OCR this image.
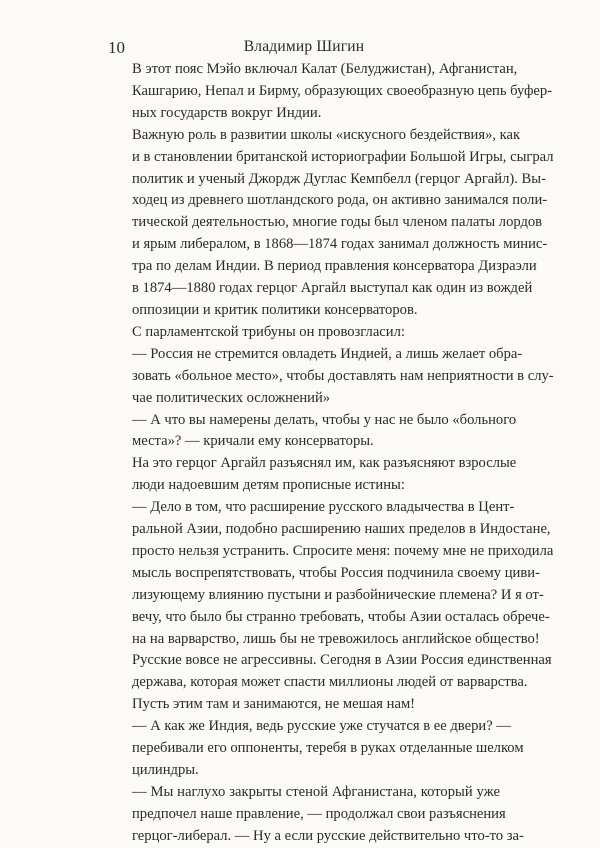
10	Владимир Шигин

В этот пояс Мэйо включал Калат (Белуджистан), Афганистан,
Кашгарию, Непал и Бирму, образующих своеобразную цепь буфер-
ных государств вокруг Индии.

Важную роль в развитии школы «искусного бездействия», как
и в становлении британской историографии Большой Игры, сыграл
политик и ученый Джордж Дуглас Кемпбелл (герцог Аргайл). Вы-
ходец из древнего шотландского рода, он активно занимался поли-
тической деятельностью, многие годы был членом палаты лордов
и ярым либералом, в 1868—1874 годах занимал должность минис-
тра по делам Индии. В период правления консерватора Дизраэли
в 1874—1880 годах герцог Аргайл выступал как один из вождей
оппозиции и критик политики консерваторов.

С парламентской трибуны он провозгласил:

— Россия не стремится овладеть Индией, а лишь желает обра-
зовать «больное место», чтобы доставлять нам неприятности в слу-
чае политических осложнений»

— А что вы намерены делать, чтобы у нас не было «больного
места»? — кричали ему консерваторы.

На это герцог Аргайл разъяснял им, как разъясняют взрослые
люди надоевшим детям прописные истины:

— Дело в том, что расширение русского владычества в Цент-
ральной Азии, подобно расширению наших пределов в Индостане,
просто нельзя устранить. Спросите меня: почему мне не приходила
мысль воспрепятствовать, чтобы Россия подчинила своему циви-
лизующему влиянию пустыни и разбойнические племена? И я от-
вечу, что было бы странно требовать, чтобы Азии осталась обрече-
на на варварство, лишь бы не тревожилось английское общество!
Русские вовсе не агрессивны. Сегодня в Азии Россия единственная
держава, которая может спасти миллионы людей от варварства.
Пусть этим там и занимаются, не мешая нам!

— А как же Индия, ведь русские уже стучатся в ее двери? —
перебивали его оппоненты, теребя в руках отделанные шелком
цилиндры.

— Мы наглухо закрыты стеной Афганистана, который уже
предпочел наше правление, — продолжал свои разъяснения
герцог-либерал. — Ну а если русские действительно что-то за-
